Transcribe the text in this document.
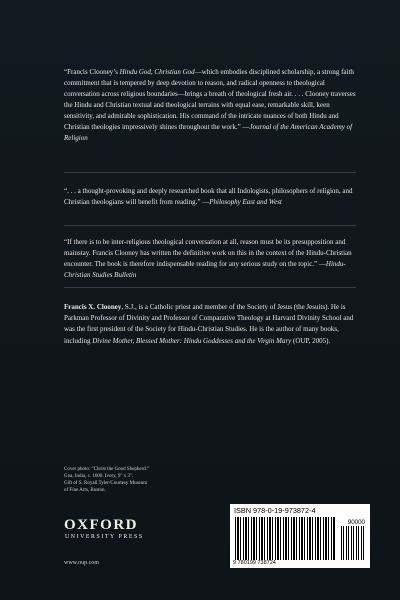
“Francis Clooney’s Hindu God, Christian God—which embodies disciplined scholarship, a strong faith commitment that is tempered by deep devotion to reason, and radical openness to theological conversation across religious boundaries—brings a breath of theological fresh air. . . . Clooney traverses the Hindu and Christian textual and theological terrains with equal ease, remarkable skill, keen sensitivity, and admirable sophistication. His command of the intricate nuances of both Hindu and Christian theologies impressively shines throughout the work.” —Journal of the American Academy of Religion

“. . . a thought-provoking and deeply researched book that all Indologists, philosophers of religion, and Christian theologians will benefit from reading.” —Philosophy East and West

“If there is to be inter-religious theological conversation at all, reason must be its presupposition and mainstay. Francis Clooney has written the definitive work on this in the context of the Hindu-Christian encounter. The book is therefore indispensable reading for any serious study on the topic.” —Hindu-Christian Studies Bulletin

Francis X. Clooney, S.J., is a Catholic priest and member of the Society of Jesus (the Jesuits). He is Parkman Professor of Divinity and Professor of Comparative Theology at Harvard Divinity School and was the first president of the Society for Hindu-Christian Studies. He is the author of many books, including Divine Mother, Blessed Mother: Hindu Goddesses and the Virgin Mary (OUP, 2005).

Cover photo: “Christ the Good Shepherd.”
Goa, India, c. 1600. Ivory, 9" x 3".
Gift of S. Royall Tyler/Courtesy Museum
of Fine Arts, Boston.
OXFORD
UNIVERSITY PRESS
www.oup.com
ISBN 978-0-19-973872-4
90000
9 780199 738724
